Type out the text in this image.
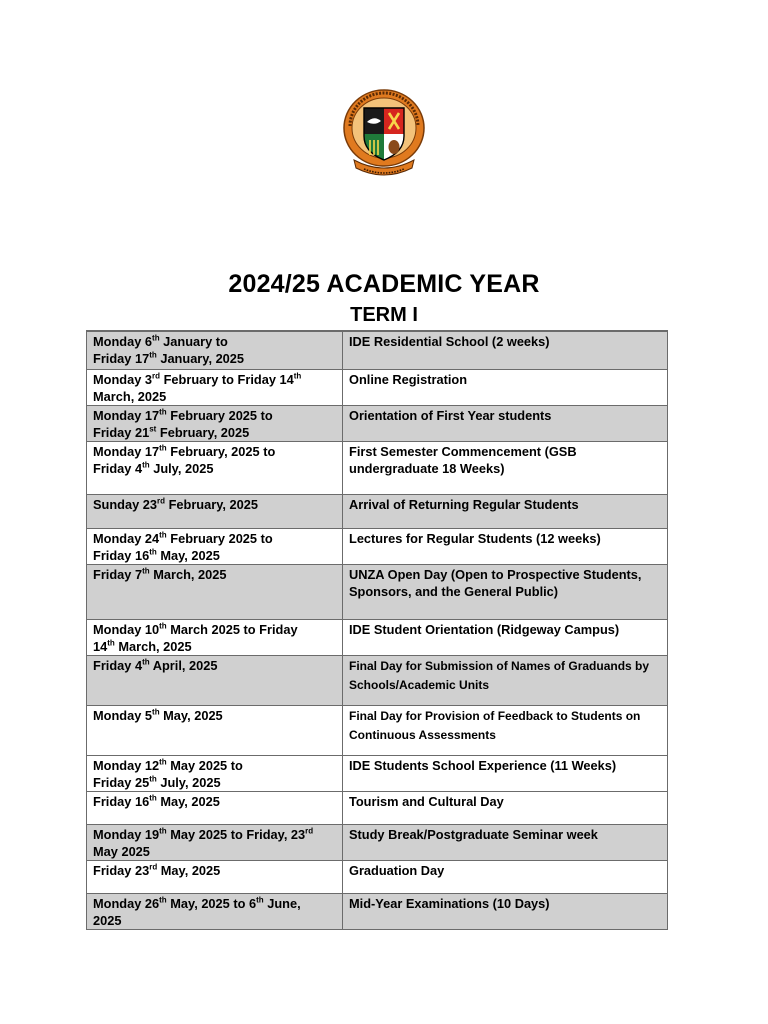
2024/25 ACADEMIC YEAR
TERM I
Monday 6th January to
Friday 17th January, 2025	IDE Residential School (2 weeks)
Monday 3rd February to Friday 14th
March, 2025	Online Registration
Monday 17th February 2025 to
Friday 21st February, 2025	Orientation of First Year students
Monday 17th February, 2025 to
Friday 4th July, 2025	First Semester Commencement (GSB undergraduate 18 Weeks)
Sunday 23rd February, 2025	Arrival of Returning Regular Students
Monday 24th February 2025 to
Friday 16th May, 2025	Lectures for Regular Students (12 weeks)
Friday 7th March, 2025	UNZA Open Day (Open to Prospective Students, Sponsors, and the General Public)
Monday 10th March 2025 to Friday
14th March, 2025	IDE Student Orientation (Ridgeway Campus)
Friday 4th April, 2025	Final Day for Submission of Names of Graduands by Schools/Academic Units
Monday 5th May, 2025	Final Day for Provision of Feedback to Students on Continuous Assessments
Monday 12th May 2025 to
Friday 25th July, 2025	IDE Students School Experience (11 Weeks)
Friday 16th May, 2025	Tourism and Cultural Day
Monday 19th May 2025 to Friday, 23rd
May 2025	Study Break/Postgraduate Seminar week
Friday 23rd May, 2025	Graduation Day
Monday 26th May, 2025 to 6th June,
2025	Mid-Year Examinations (10 Days)
